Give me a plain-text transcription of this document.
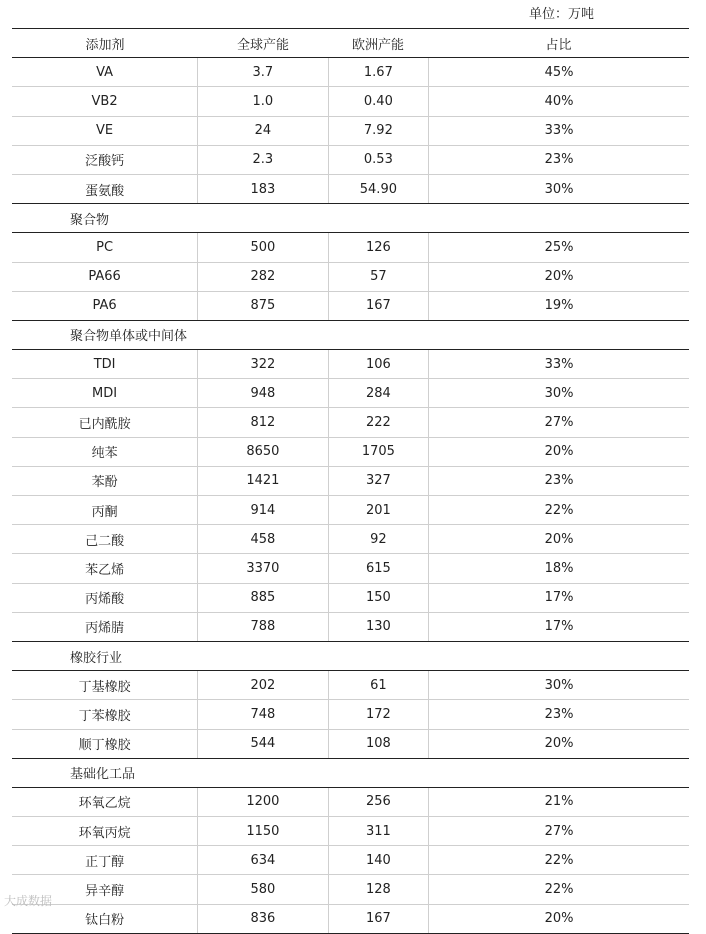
单位：万吨
添加剂	全球产能	欧洲产能	占比
VA	3.7	1.67	45%
VB2	1.0	0.40	40%
VE	24	7.92	33%
泛酸钙	2.3	0.53	23%
蛋氨酸	183	54.90	30%
聚合物
PC	500	126	25%
PA66	282	57	20%
PA6	875	167	19%
聚合物单体或中间体
TDI	322	106	33%
MDI	948	284	30%
已内酰胺	812	222	27%
纯苯	8650	1705	20%
苯酚	1421	327	23%
丙酮	914	201	22%
己二酸	458	92	20%
苯乙烯	3370	615	18%
丙烯酸	885	150	17%
丙烯腈	788	130	17%
橡胶行业
丁基橡胶	202	61	30%
丁苯橡胶	748	172	23%
顺丁橡胶	544	108	20%
基础化工品
环氧乙烷	1200	256	21%
环氧丙烷	1150	311	27%
正丁醇	634	140	22%
异辛醇	580	128	22%
钛白粉	836	167	20%
大成数据
